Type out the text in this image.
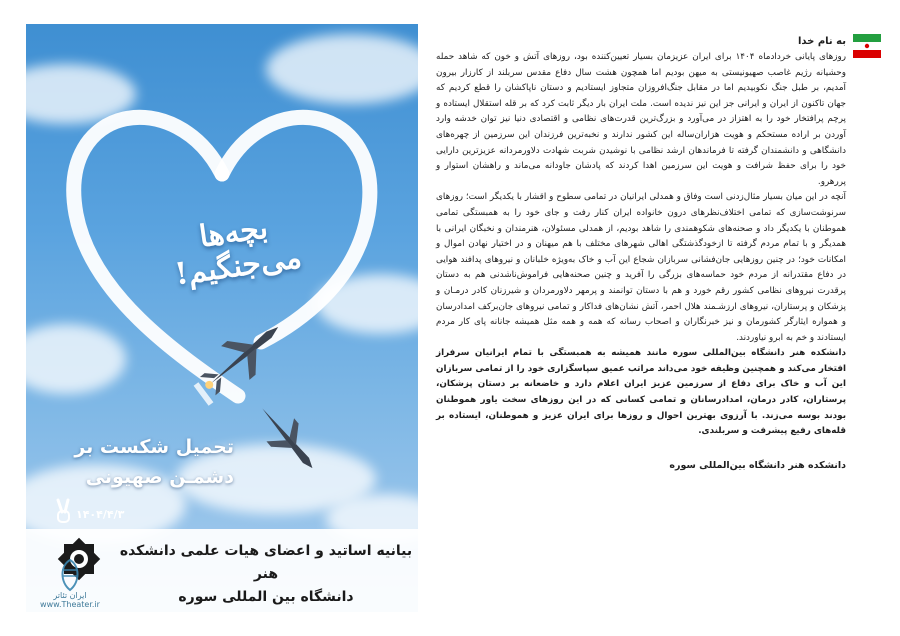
بچه‌ها می‌جنگیم!
تحمیل شکست بر
دشمـن صهیونی
۱۴۰۴/۴/۳
بیانیه اساتید و اعضای هیات علمی دانشکده هنر
دانشگاه بین المللی سوره
ایران تئاتر
www.Theater.ir
به نام خدا

روزهای پایانی خردادماه ۱۴۰۴ برای ایران عزیزمان بسیار تعیین‌کننده بود، روزهای آتش و خون که شاهد حمله وحشیانه رژیم غاصب صهیونیستی به میهن بودیم اما همچون هشت سال دفاع مقدس سربلند از کارزار بیرون آمدیم، بر طبل جنگ نکوبیدیم اما در مقابل جنگ‌افروزان متجاوز ایستادیم و دستان ناپاکشان را قطع کردیم که جهان تاکنون از ایران و ایرانی جز این نیز ندیده است. ملت ایران بار دیگر ثابت کرد که بر قله استقلال ایستاده و پرچم پرافتخار خود را به اهتزاز در می‌آورد و بزرگ‌ترین قدرت‌های نظامی و اقتصادی دنیا نیز توان خدشه وارد آوردن بر اراده مستحکم و هویت هزاران‌ساله این کشور ندارند و نخبه‌ترین فرزندان این سرزمین از چهره‌های دانشگاهی و دانشمندان گرفته تا فرماندهان ارشد نظامی با نوشیدن شربت شهادت دلاورمردانه عزیزترین دارایی خود را برای حفظ شرافت و هویت این سرزمین اهدا کردند که پادشان جاودانه می‌ماند و راهشان استوار و پررهرو.

آنچه در این میان بسیار مثال‌زدنی است وفاق و همدلی ایرانیان در تمامی سطوح و اقشار با یکدیگر است؛ روزهای سرنوشت‌سازی که تمامی اختلاف‌نظرهای درون خانواده ایران کنار رفت و جای خود را به همبستگی تمامی هموطنان با یکدیگر داد و صحنه‌های شکوهمندی را شاهد بودیم، از همدلی مسئولان، هنرمندان و نخبگان ایرانی با همدیگر و با تمام مردم گرفته تا ازخودگذشتگی اهالی شهرهای مختلف با هم میهنان و در اختیار نهادن اموال و امکانات خود؛ در چنین روزهایی جان‌فشانی سربازان شجاع این آب و خاک به‌ویژه خلبانان و نیروهای پدافند هوایی در دفاع مقتدرانه از مردم خود حماسه‌های بزرگی را آفرید و چنین صحنه‌هایی فراموش‌ناشدنی هم به دستان پرقدرت نیروهای نظامی کشور رقم خورد و هم با دستان توانمند و پرمهر دلاورمردان و شیرزنان کادر درمـان و پزشکان و پرستاران، نیروهای ارزشـمند هلال احمر، آتش نشان‌های فداکار و تمامی نیروهای جان‌برکف امدادرسان و همواره ایثارگر کشورمان و نیز خبرنگاران و اصحاب رسانه که همه و همه مثل همیشه جانانه پای کار مردم ایستادند و خم به ابرو نیاوردند.

دانشکده هنر دانشگاه بین‌المللی سوره مانند همیشه به همبستگی با تمام ایرانیان سرفراز افتخار می‌کند و همچنین وظیفه خود می‌داند مراتب عمیق سپاسگزاری خود را از تمامی سربازان این آب و خاک برای دفاع از سرزمین عزیز ایران اعلام دارد و خاضعانه بر دستان پزشکان، پرستاران، کادر درمان، امدادرسانان و تمامی کسانی که در این روزهای سخت یاور هموطنان بودند بوسه می‌زند. با آرزوی بهترین احوال و روزها برای ایران عزیز و هموطنان، ایستاده بر قله‌های رفیع پیشرفت و سربلندی.

دانشکده هنر دانشگاه بین‌المللی سوره
